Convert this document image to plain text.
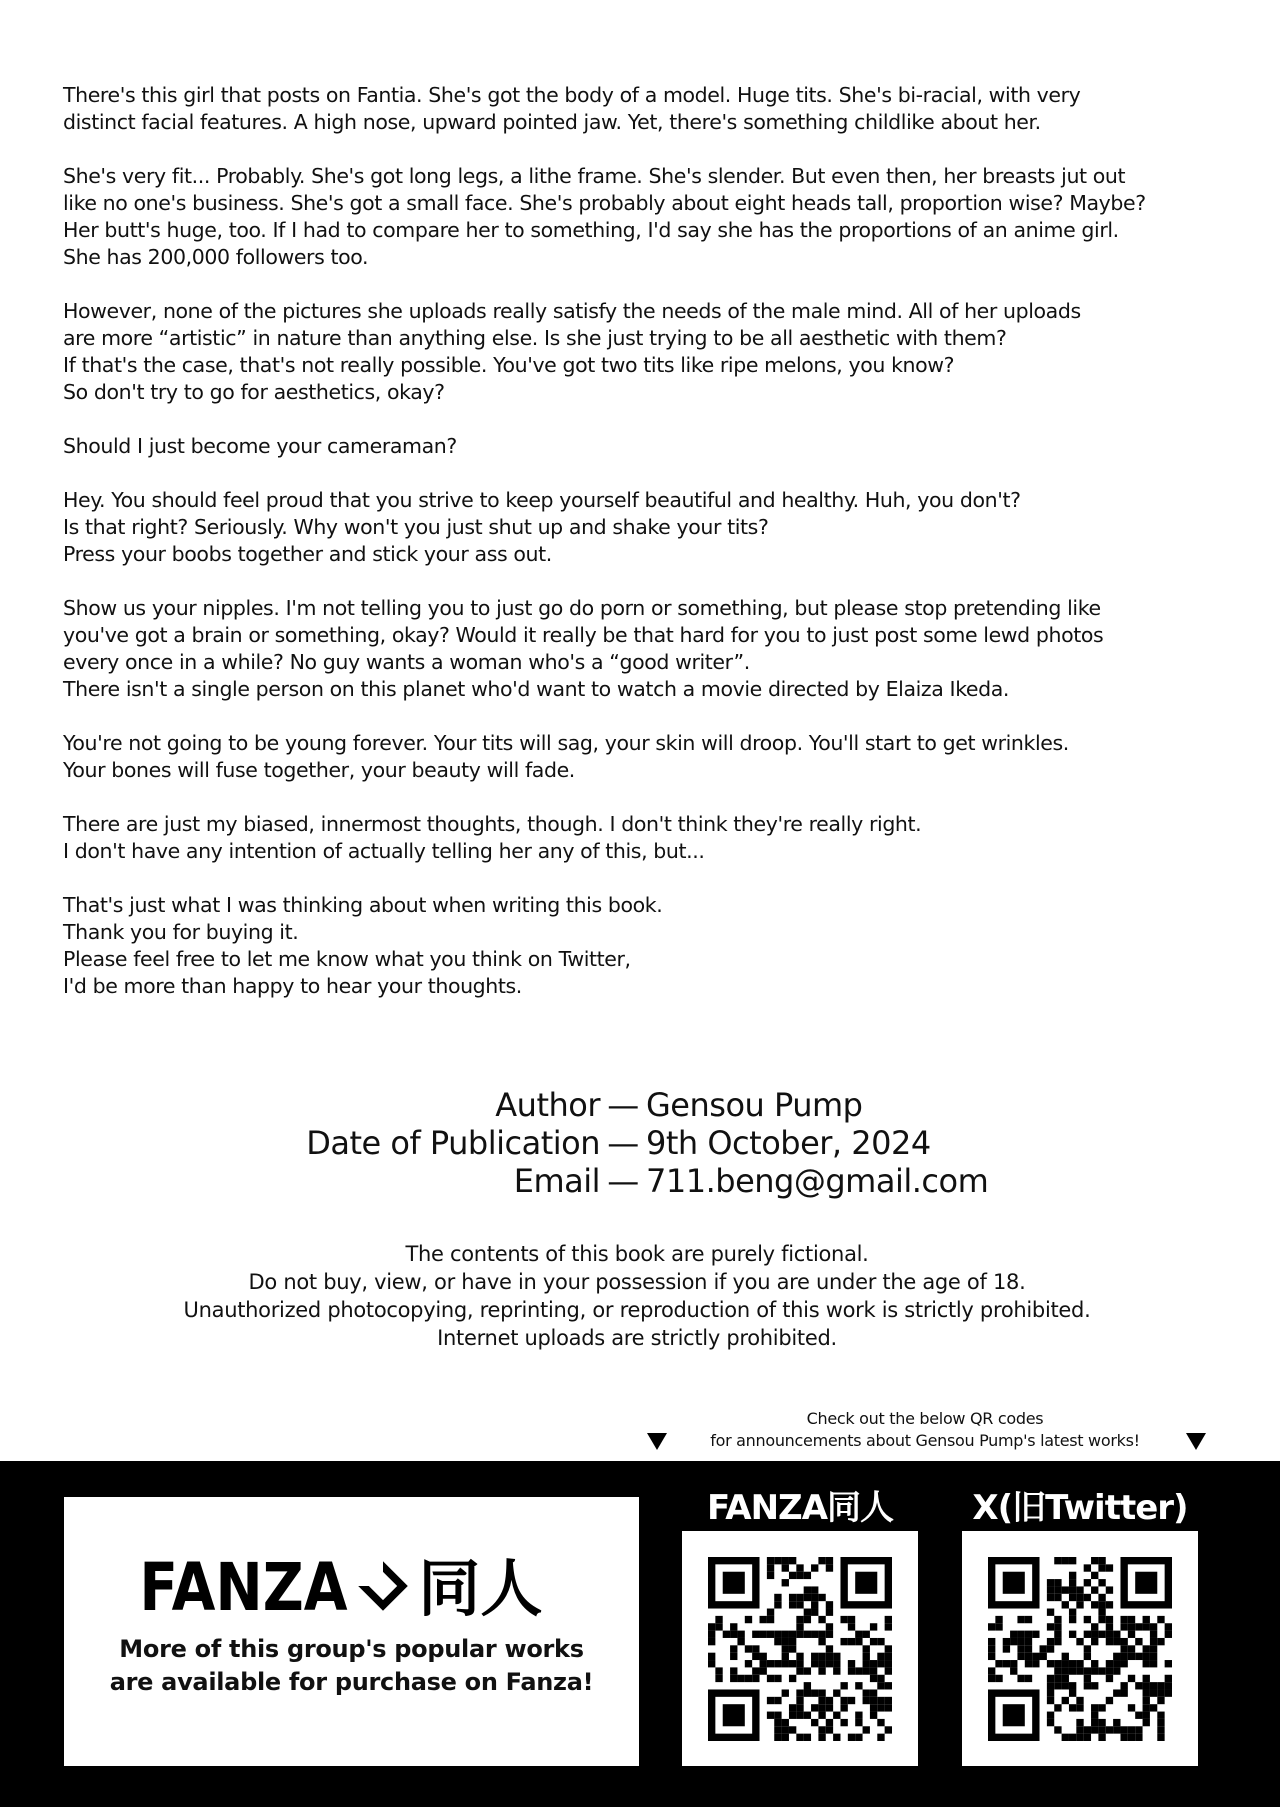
There's this girl that posts on Fantia. She's got the body of a model. Huge tits. She's bi-racial, with very
distinct facial features. A high nose, upward pointed jaw. Yet, there's something childlike about her.
She's very fit... Probably. She's got long legs, a lithe frame. She's slender. But even then, her breasts jut out
like no one's business. She's got a small face. She's probably about eight heads tall, proportion wise? Maybe?
Her butt's huge, too. If I had to compare her to something, I'd say she has the proportions of an anime girl.
She has 200,000 followers too.
However, none of the pictures she uploads really satisfy the needs of the male mind. All of her uploads
are more “artistic” in nature than anything else. Is she just trying to be all aesthetic with them?
If that's the case, that's not really possible. You've got two tits like ripe melons, you know?
So don't try to go for aesthetics, okay?
Should I just become your cameraman?
Hey. You should feel proud that you strive to keep yourself beautiful and healthy. Huh, you don't?
Is that right? Seriously. Why won't you just shut up and shake your tits?
Press your boobs together and stick your ass out.
Show us your nipples. I'm not telling you to just go do porn or something, but please stop pretending like
you've got a brain or something, okay? Would it really be that hard for you to just post some lewd photos
every once in a while? No guy wants a woman who's a “good writer”.
There isn't a single person on this planet who'd want to watch a movie directed by Elaiza Ikeda.
You're not going to be young forever. Your tits will sag, your skin will droop. You'll start to get wrinkles.
Your bones will fuse together, your beauty will fade.
There are just my biased, innermost thoughts, though. I don't think they're really right.
I don't have any intention of actually telling her any of this, but...
That's just what I was thinking about when writing this book.
Thank you for buying it.
Please feel free to let me know what you think on Twitter,
I'd be more than happy to hear your thoughts.
Author — Gensou Pump
Date of Publication — 9th October, 2024
Email — 711.beng@gmail.com
The contents of this book are purely fictional.
Do not buy, view, or have in your possession if you are under the age of 18.
Unauthorized photocopying, reprinting, or reproduction of this work is strictly prohibited.
Internet uploads are strictly prohibited.
Check out the below QR codes
for announcements about Gensou Pump's latest works!
FANZA 同人
More of this group's popular works
are available for purchase on Fanza!
FANZA同人	X(旧Twitter)
